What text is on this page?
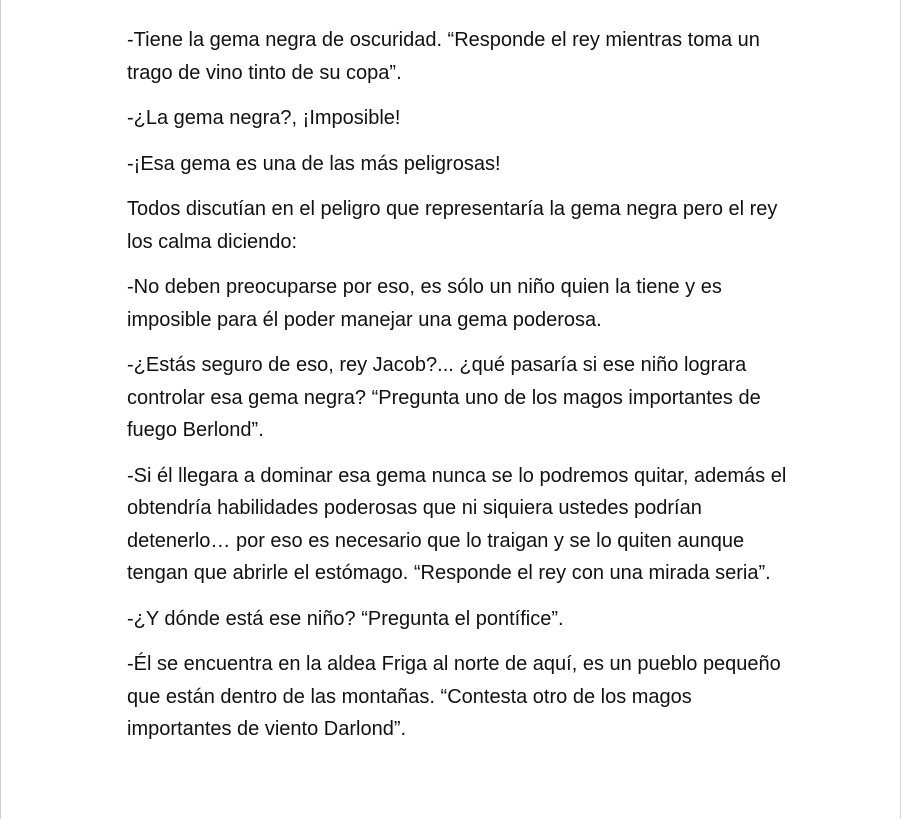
-Tiene la gema negra de oscuridad. “Responde el rey mientras toma un trago de vino tinto de su copa”.

-¿La gema negra?, ¡Imposible!

-¡Esa gema es una de las más peligrosas!

Todos discutían en el peligro que representaría la gema negra pero el rey los calma diciendo:

-No deben preocuparse por eso, es sólo un niño quien la tiene y es imposible para él poder manejar una gema poderosa.

-¿Estás seguro de eso, rey Jacob?... ¿qué pasaría si ese niño lograra controlar esa gema negra? “Pregunta uno de los magos importantes de fuego Berlond”.

-Si él llegara a dominar esa gema nunca se lo podremos quitar, además el obtendría habilidades poderosas que ni siquiera ustedes podrían detenerlo… por eso es necesario que lo traigan y se lo quiten aunque tengan que abrirle el estómago. “Responde el rey con una mirada seria”.

-¿Y dónde está ese niño? “Pregunta el pontífice”.

-Él se encuentra en la aldea Friga al norte de aquí, es un pueblo pequeño que están dentro de las montañas. “Contesta otro de los magos importantes de viento Darlond”.
